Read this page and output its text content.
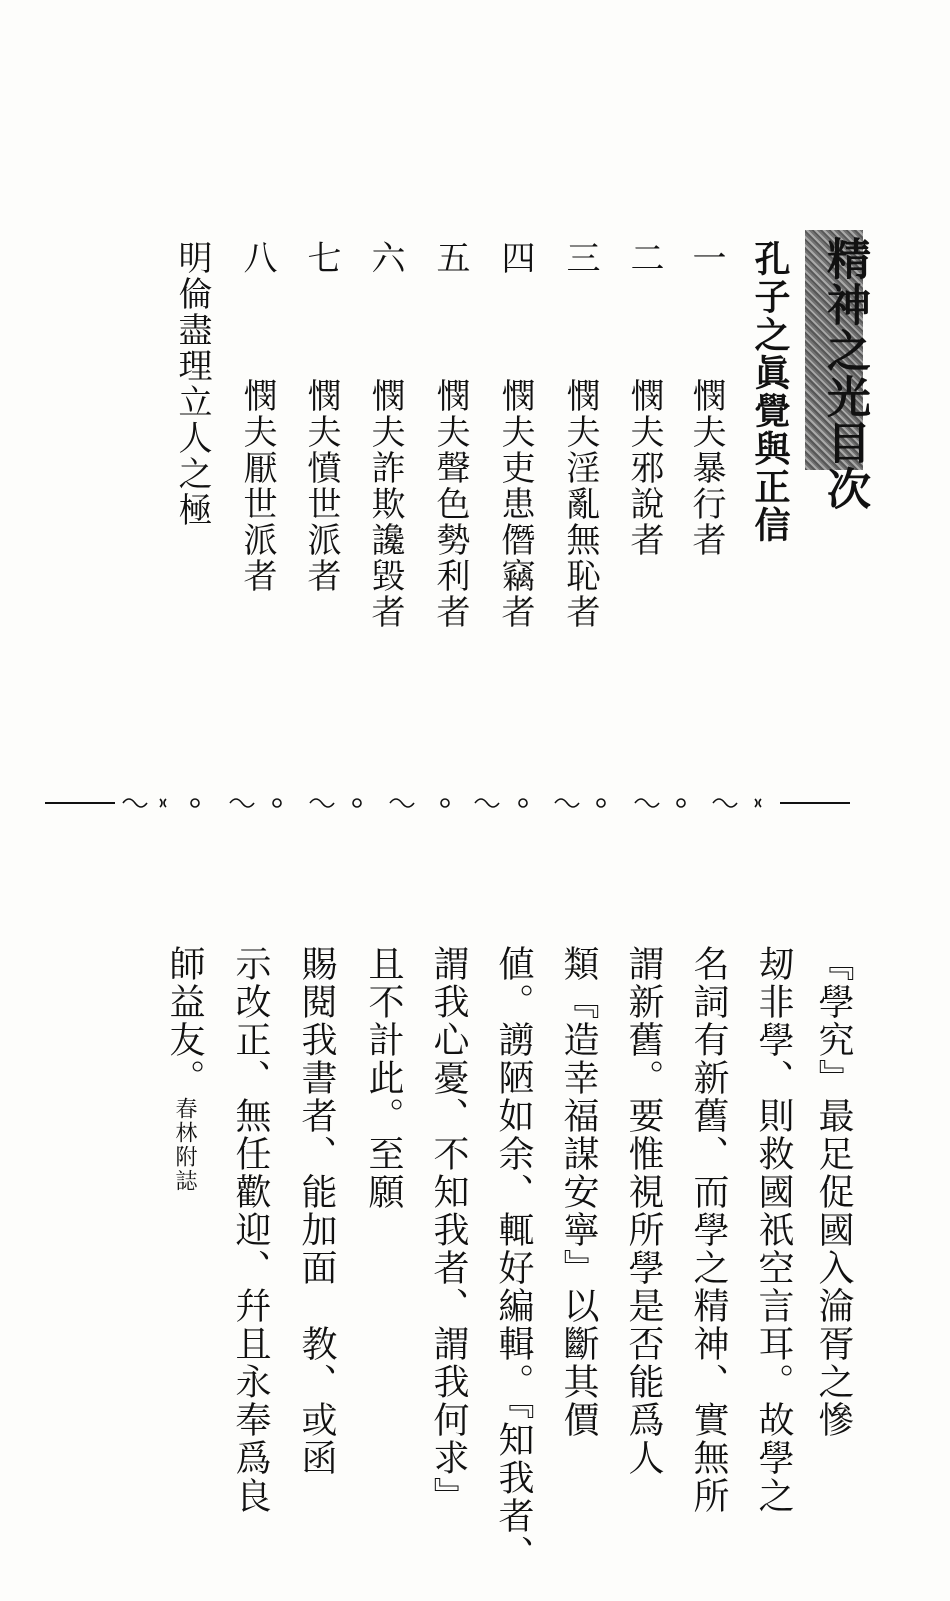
精神之光目次
孔子之眞覺與正信
一  憫夫暴行者
二  憫夫邪說者
三  憫夫淫亂無恥者
四  憫夫吏患僭竊者
五  憫夫聲色勢利者
六  憫夫詐欺讒毀者
七  憫夫憤世派者
八  憫夫厭世派者
明倫盡理立人之極
『學究』最足促國入淪胥之慘
刼非學、則救國祇空言耳。故學之
名詞有新舊、而學之精神、實無所
謂新舊。要惟視所學是否能爲人
類『造幸福謀安寧』以斷其價
値。謭陋如余、輒好編輯。『知我者、
謂我心憂、不知我者、謂我何求』
且不計此。至願
賜閱我書者、能加面　教、或函
示改正、無任歡迎、幷且永奉爲良
師益友。春林附誌
